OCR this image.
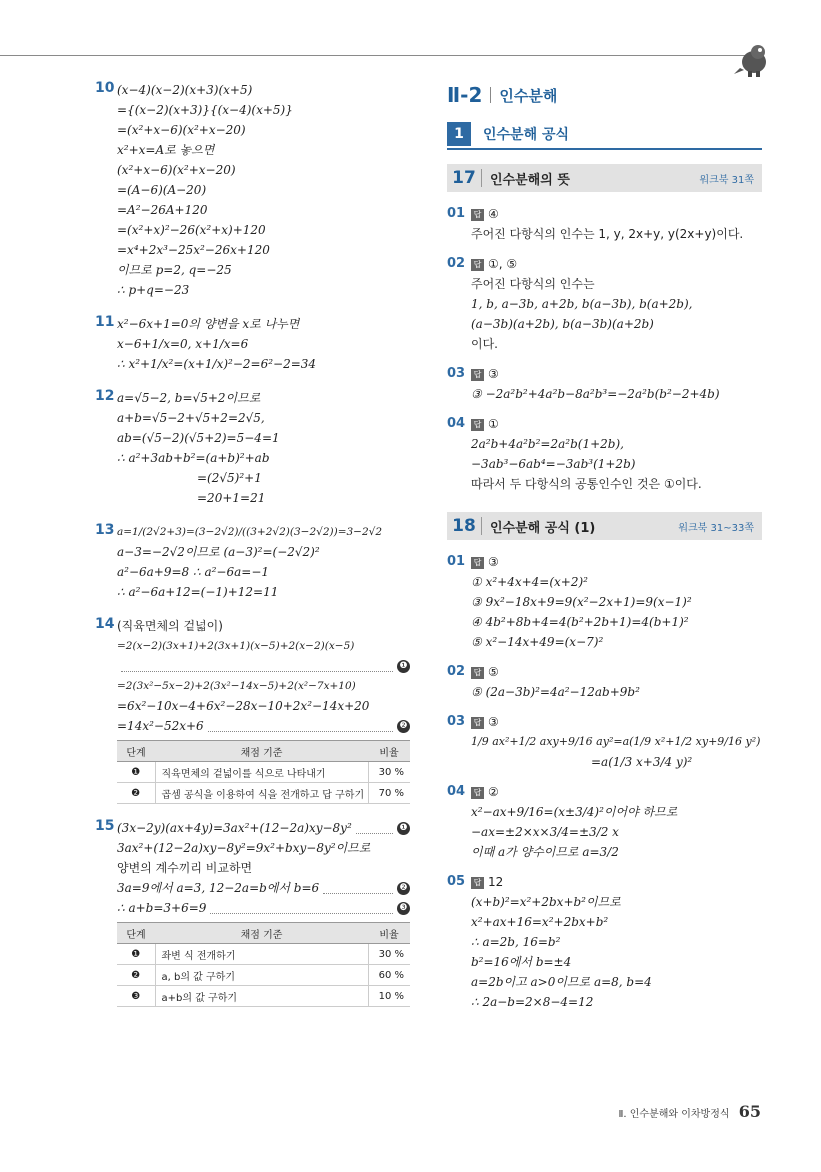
10 (x−4)(x−2)(x+3)(x+5)
={(x−2)(x+3)}{(x−4)(x+5)}
=(x²+x−6)(x²+x−20)
x²+x=A로 놓으면
(x²+x−6)(x²+x−20)
=(A−6)(A−20)
=A²−26A+120
=(x²+x)²−26(x²+x)+120
=x⁴+2x³−25x²−26x+120
이므로 p=2, q=−25
∴ p+q=−23
11 x²−6x+1=0의 양변을 x로 나누면
x−6+1/x=0, x+1/x=6
∴ x²+1/x²=(x+1/x)²−2=6²−2=34
12 a=√5−2, b=√5+2이므로
a+b=√5−2+√5+2=2√5,
ab=(√5−2)(√5+2)=5−4=1
∴ a²+3ab+b²=(a+b)²+ab
=(2√5)²+1
=20+1=21
13 a=1/(2√2+3)=(3−2√2)/((3+2√2)(3−2√2))=3−2√2
a−3=−2√2이므로 (a−3)²=(−2√2)²
a²−6a+9=8 ∴ a²−6a=−1
∴ a²−6a+12=(−1)+12=11
14 (직육면체의 겉넓이)
=2(x−2)(3x+1)+2(3x+1)(x−5)+2(x−2)(x−5)
❶
=2(3x²−5x−2)+2(3x²−14x−5)+2(x²−7x+10)
=6x²−10x−4+6x²−28x−10+2x²−14x+20
=14x²−52x+6	❷
단계	채점 기준	비율
❶	직육면체의 겉넓이를 식으로 나타내기	30 %
❷	곱셈 공식을 이용하여 식을 전개하고 답 구하기	70 %
15 (3x−2y)(ax+4y)=3ax²+(12−2a)xy−8y²	❶
3ax²+(12−2a)xy−8y²=9x²+bxy−8y²이므로
양변의 계수끼리 비교하면
3a=9에서 a=3, 12−2a=b에서 b=6	❷
∴ a+b=3+6=9	❸
단계	채점 기준	비율
❶	좌변 식 전개하기	30 %
❷	a, b의 값 구하기	60 %
❸	a+b의 값 구하기	10 %
Ⅱ-2 인수분해
1	인수분해 공식
17	인수분해의 뜻	워크북 31쪽
01	답 ④
주어진 다항식의 인수는 1, y, 2x+y, y(2x+y)이다.
02	답 ①, ⑤
주어진 다항식의 인수는
1, b, a−3b, a+2b, b(a−3b), b(a+2b),
(a−3b)(a+2b), b(a−3b)(a+2b)
이다.
03	답 ③
③ −2a²b²+4a²b−8a²b³=−2a²b(b²−2+4b)
04	답 ①
2a²b+4a²b²=2a²b(1+2b),
−3ab³−6ab⁴=−3ab³(1+2b)
따라서 두 다항식의 공통인수인 것은 ①이다.
18	인수분해 공식 (1)	워크북 31~33쪽
01	답 ③
① x²+4x+4=(x+2)²
③ 9x²−18x+9=9(x²−2x+1)=9(x−1)²
④ 4b²+8b+4=4(b²+2b+1)=4(b+1)²
⑤ x²−14x+49=(x−7)²
02	답 ⑤
⑤ (2a−3b)²=4a²−12ab+9b²
03	답 ③
1/9 ax²+1/2 axy+9/16 ay²=a(1/9 x²+1/2 xy+9/16 y²)
=a(1/3 x+3/4 y)²
04	답 ②
x²−ax+9/16=(x±3/4)²이어야 하므로
−ax=±2×x×3/4=±3/2 x
이때 a가 양수이므로 a=3/2
05	답 12
(x+b)²=x²+2bx+b²이므로
x²+ax+16=x²+2bx+b²
∴ a=2b, 16=b²
b²=16에서 b=±4
a=2b이고 a>0이므로 a=8, b=4
∴ 2a−b=2×8−4=12
Ⅱ. 인수분해와 이차방정식 65
